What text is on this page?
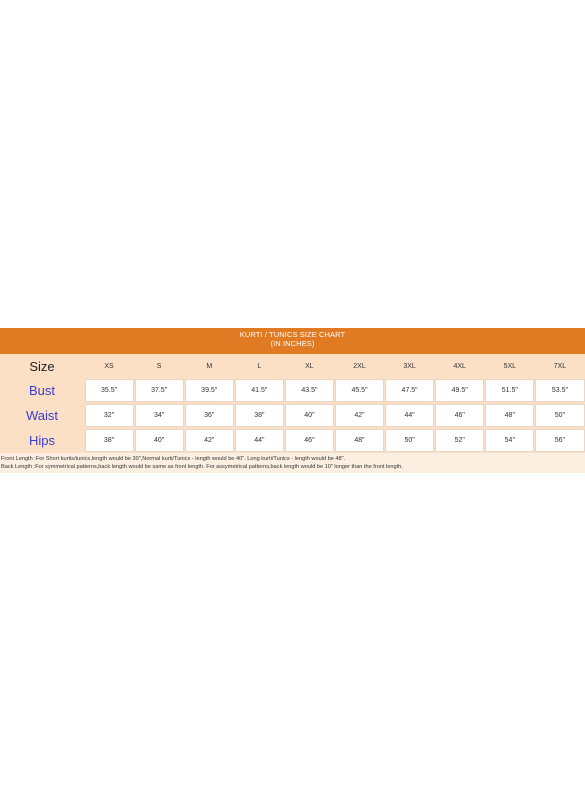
KURTI / TUNICS SIZE CHART
(IN INCHES)
Size	XS	S	M	L	XL	2XL	3XL	4XL	5XL	7XL
Bust	35.5"	37.5"	39.5"	41.5"	43.5"	45.5"	47.5"	49.5"	51.5"	53.5"

Waist	32"	34"	36"	38"	40"	42"	44"	46"	48"	50"

Hips	38"	40"	42"	44"	46"	48"	50"	52"	54"	56"
Front Length :For Short kurtis/tunics,length would be 30",Normal kurti/Tunics - length would be 40". Long kurti/Tunics - length would be 48".
Back Length :For symmetrical patterns,back length would be same as front length. For assymetrical patterns,back length would be 10" longer than the front length.
